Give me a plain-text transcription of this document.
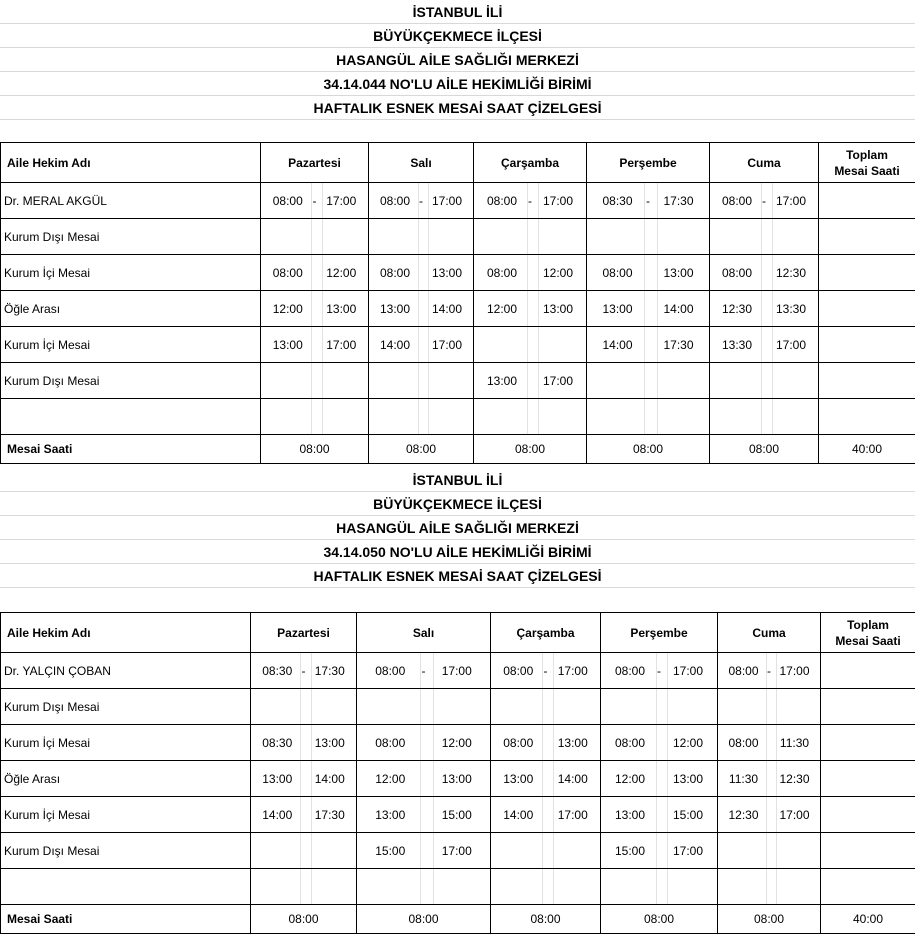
İSTANBUL İLİ
BÜYÜKÇEKMECE İLÇESİ
HASANGÜL AİLE SAĞLIĞI MERKEZİ
34.14.044 NO'LU AİLE HEKİMLİĞİ BİRİMİ
HAFTALIK ESNEK MESAİ SAAT ÇİZELGESİ
Aile Hekim Adı	Pazartesi	Salı	Çarşamba	Perşembe	Cuma	Toplam
Mesai Saati

Dr. MERAL AKGÜL	08:00 - 17:00	08:00 - 17:00	08:00 - 17:00	08:30 - 17:30	08:00 - 17:00	

Kurum Dışı Mesai	

Kurum İçi Mesai	08:00 12:00	08:00 13:00	08:00 12:00	08:00 13:00	08:00 12:30	

Öğle Arası	12:00 13:00	13:00 14:00	12:00 13:00	13:00 14:00	12:30 13:30	

Kurum İçi Mesai	13:00 17:00	14:00 17:00		14:00 17:30	13:30 17:00	

Kurum Dışı Mesai			13:00 17:00			

Mesai Saati	08:00	08:00	08:00	08:00	08:00	40:00
İSTANBUL İLİ
BÜYÜKÇEKMECE İLÇESİ
HASANGÜL AİLE SAĞLIĞI MERKEZİ
34.14.050 NO'LU AİLE HEKİMLİĞİ BİRİMİ
HAFTALIK ESNEK MESAİ SAAT ÇİZELGESİ
Aile Hekim Adı	Pazartesi	Salı	Çarşamba	Perşembe	Cuma	Toplam
Mesai Saati

Dr. YALÇIN ÇOBAN	08:30 - 17:30	08:00 - 17:00	08:00 - 17:00	08:00 - 17:00	08:00 - 17:00	

Kurum Dışı Mesai	

Kurum İçi Mesai	08:30 13:00	08:00 12:00	08:00 13:00	08:00 12:00	08:00 11:30	

Öğle Arası	13:00 14:00	12:00 13:00	13:00 14:00	12:00 13:00	11:30 12:30	

Kurum İçi Mesai	14:00 17:30	13:00 15:00	14:00 17:00	13:00 15:00	12:30 17:00	

Kurum Dışı Mesai		15:00 17:00		15:00 17:00		

Mesai Saati	08:00	08:00	08:00	08:00	08:00	40:00
